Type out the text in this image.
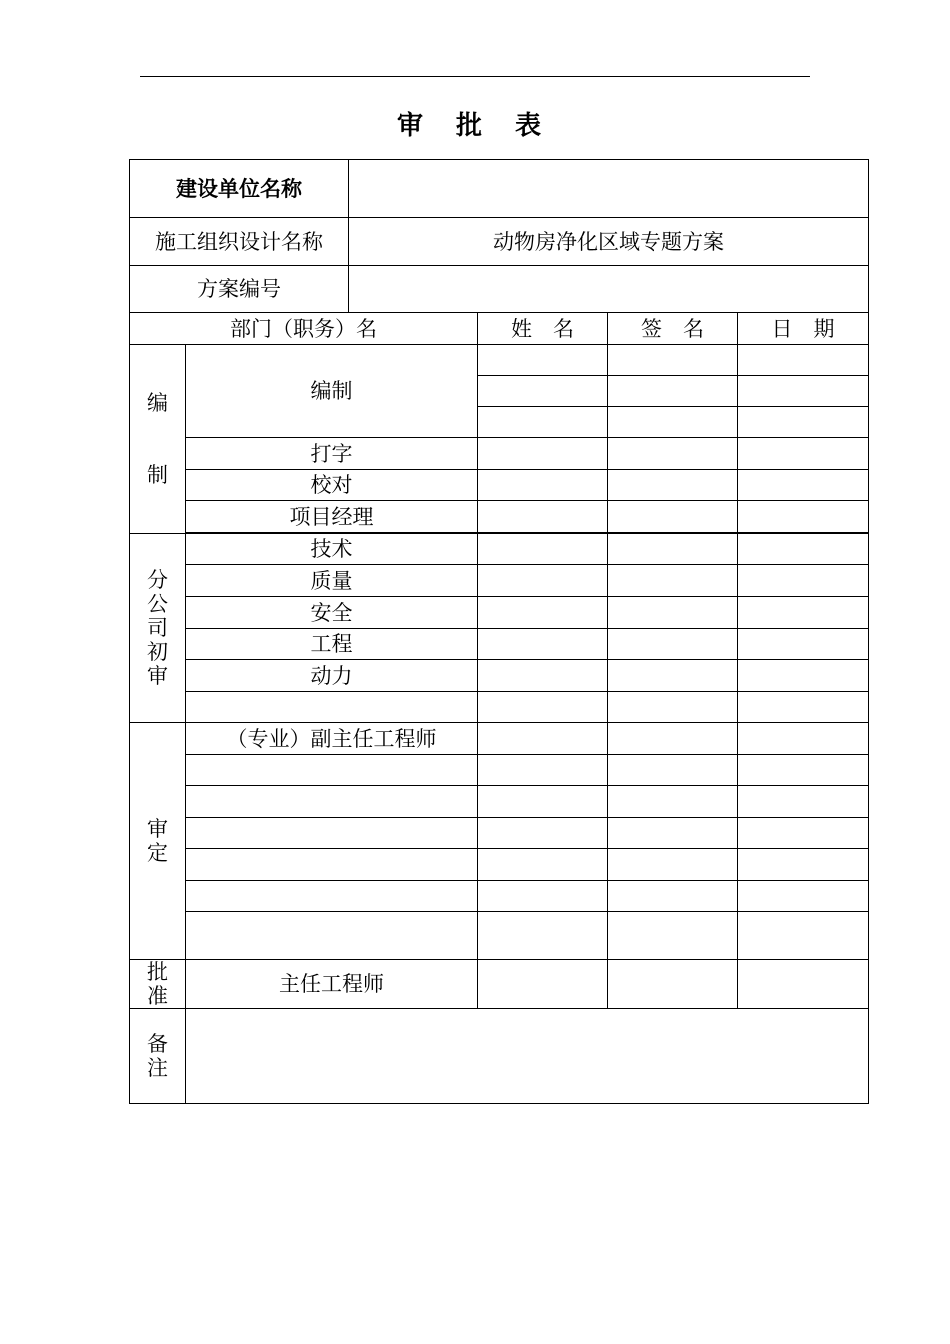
审 批 表
建设单位名称					
施工组织设计名称		动物房净化区域专题方案			
方案编号					
部门（职务）名			姓　名	签　名	日　期
编

制	编制				

	打字				
	校对				
	项目经理				

分公司初审	技术				
	质量				
	安全				
	工程				
	动力				

审定	（专业）副主任工程师				

批准	主任工程师				
备注					
